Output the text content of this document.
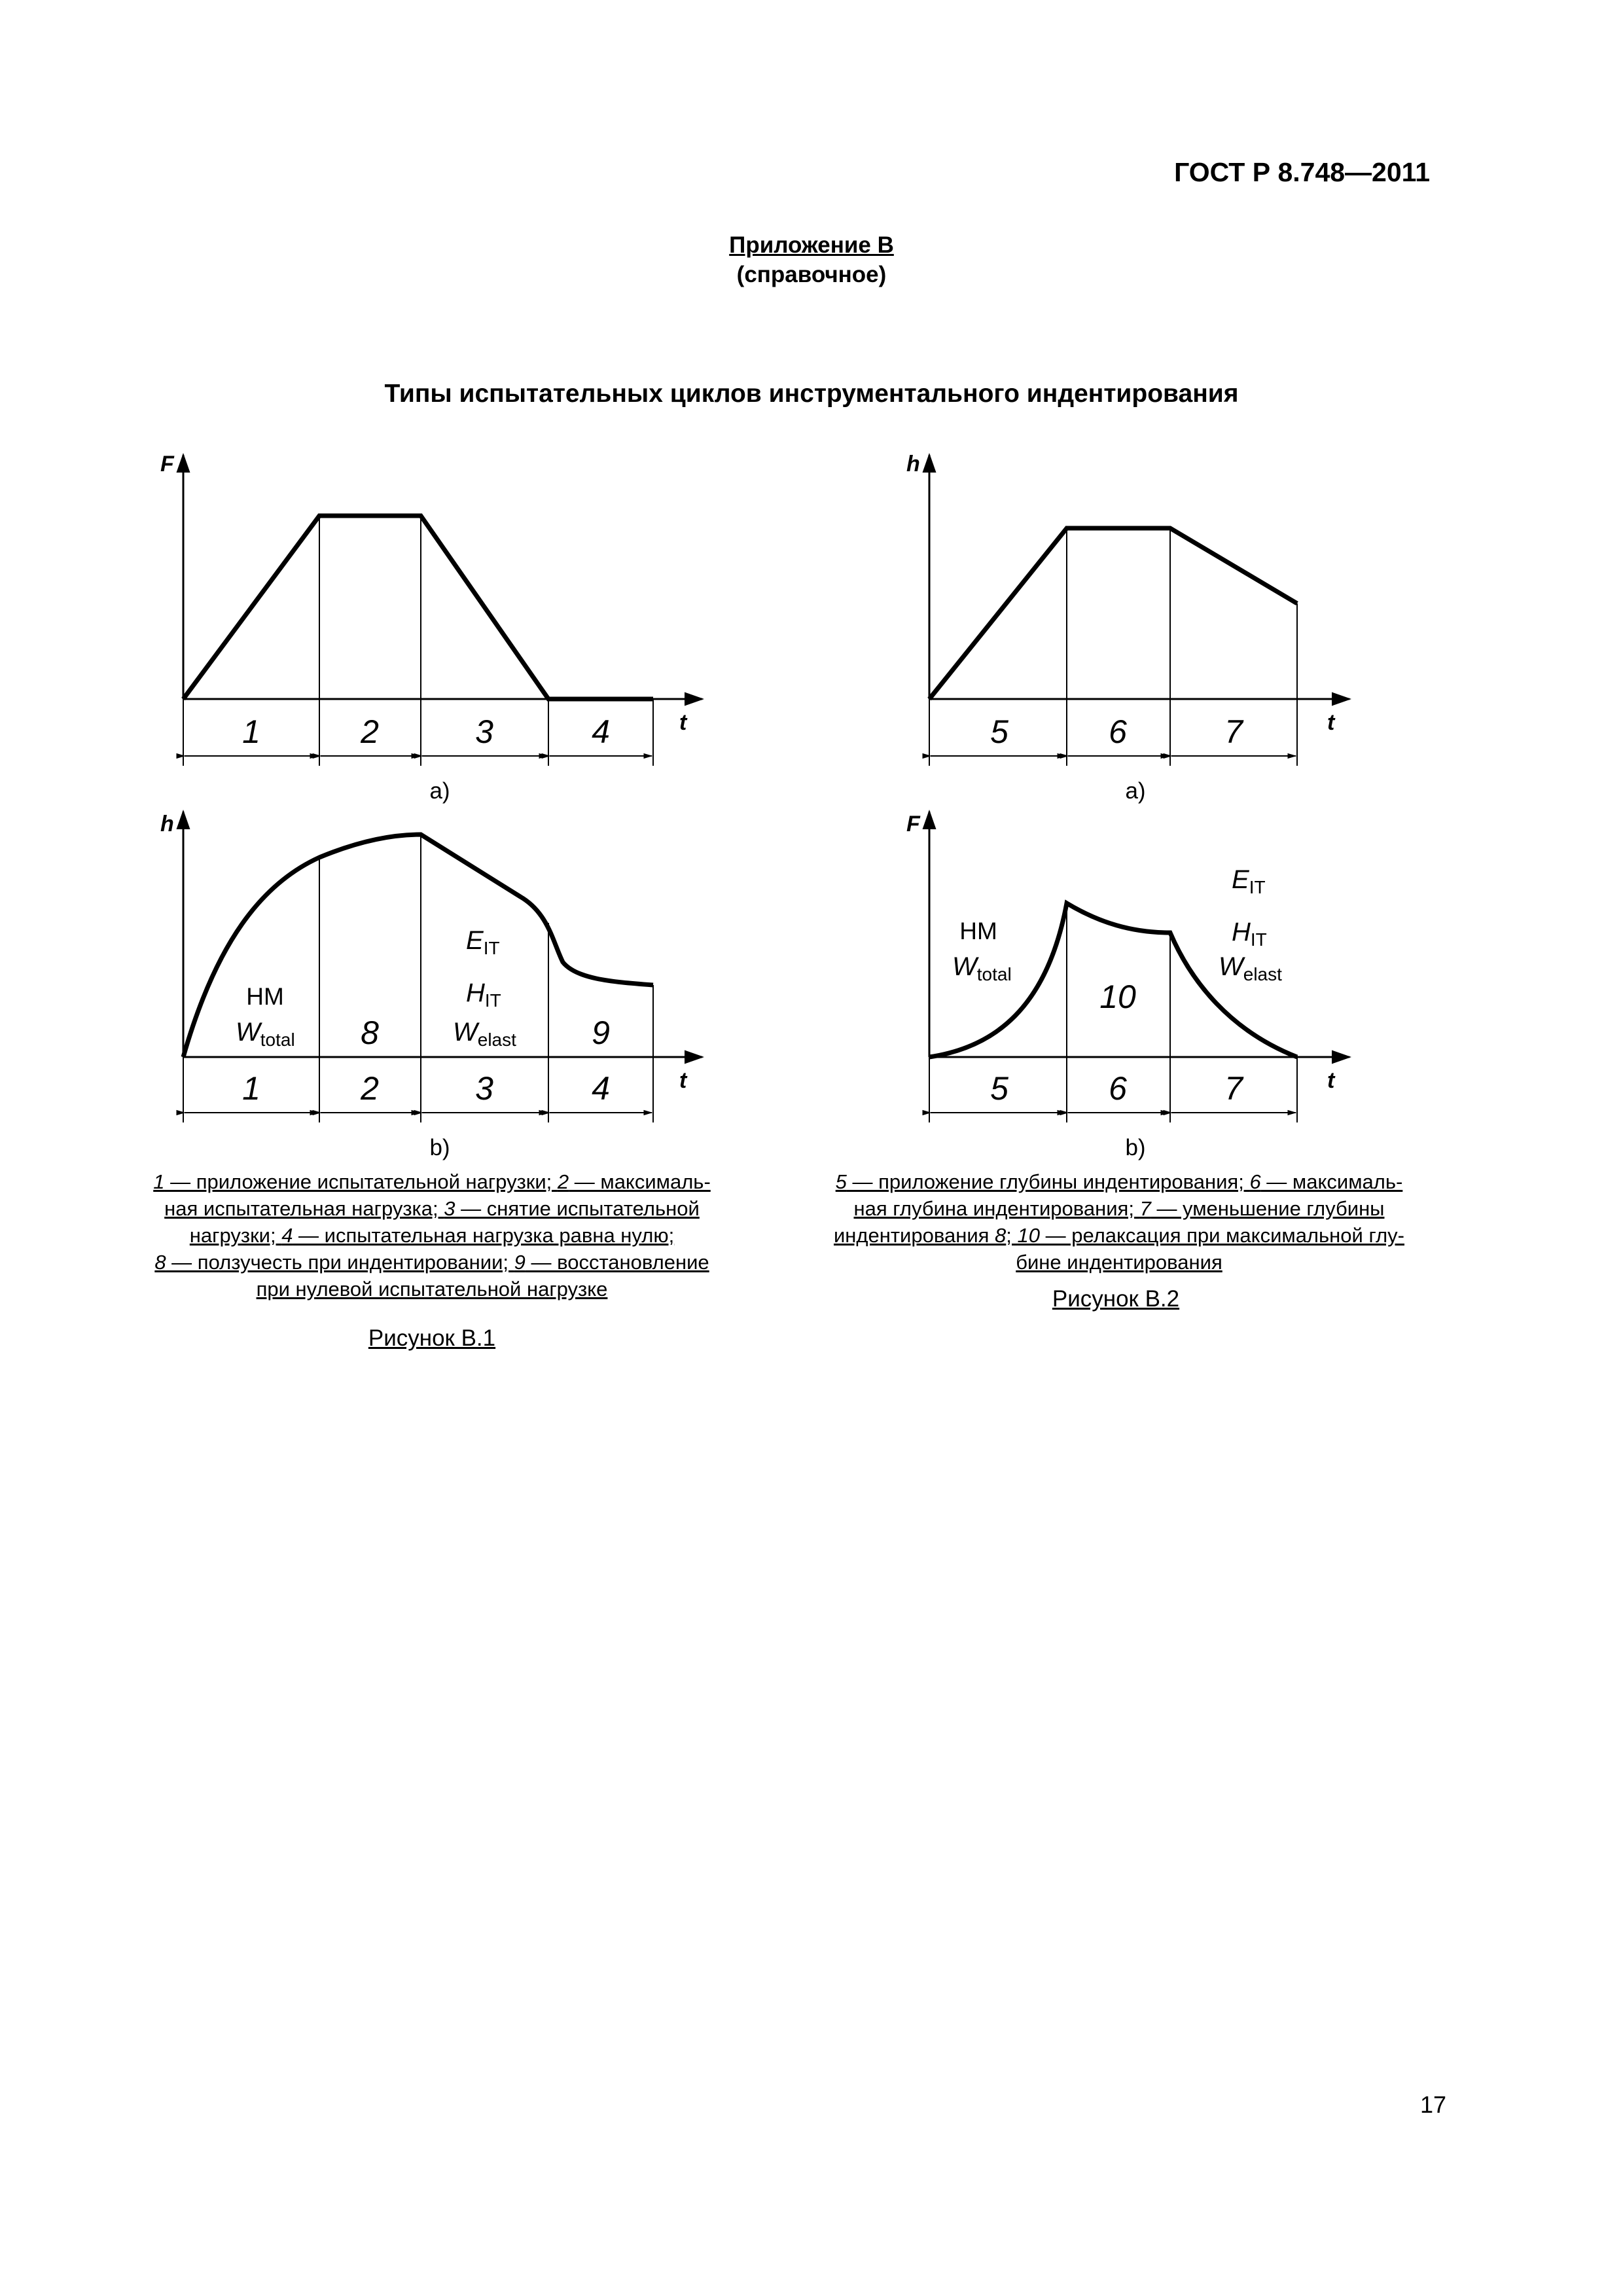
ГОСТ Р 8.748—2011
Приложение В
(справочное)
Типы испытательных циклов инструментального индентирования
F
t
1	2	3	4
a)
h
t
1	2	3	4
HM
Wtotal 8
EIT
HIT
Welast 9
b)
h
t
5	6	7
a)
F
t
5	6	7
HM
Wtotal
10
EIT
HIT
Welast
b)
1 — приложение испытательной нагрузки; 2 — максималь-
ная испытательная нагрузка; 3 — снятие испытательной
нагрузки; 4 — испытательная нагрузка равна нулю;
8 — ползучесть при индентировании; 9 — восстановление
при нулевой испытательной нагрузке
Рисунок В.1
5 — приложение глубины индентирования; 6 — максималь-
ная глубина индентирования; 7 — уменьшение глубины
индентирования 8; 10 — релаксация при максимальной глу-
бине индентирования
Рисунок В.2
17
